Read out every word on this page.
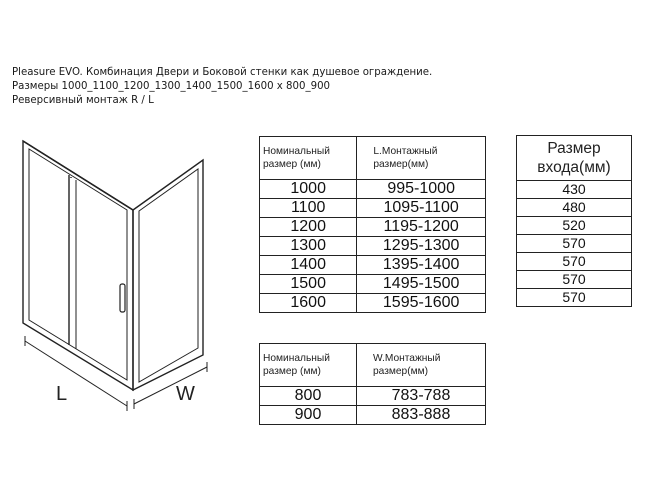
Pleasure EVO. Комбинация Двери и Боковой стенки как душевое ограждение.
Размеры 1000_1100_1200_1300_1400_1500_1600 х 800_900
Реверсивный монтаж R / L
L	W
Номинальный размер (мм)	L.Монтажный размер(мм)
1000	995-1000
1100	1095-1100
1200	1195-1200
1300	1295-1300
1400	1395-1400
1500	1495-1500
1600	1595-1600
Размер входа(мм)
430
480
520
570
570
570
570
Номинальный размер (мм)	W.Монтажный размер(мм)
800	783-788
900	883-888
